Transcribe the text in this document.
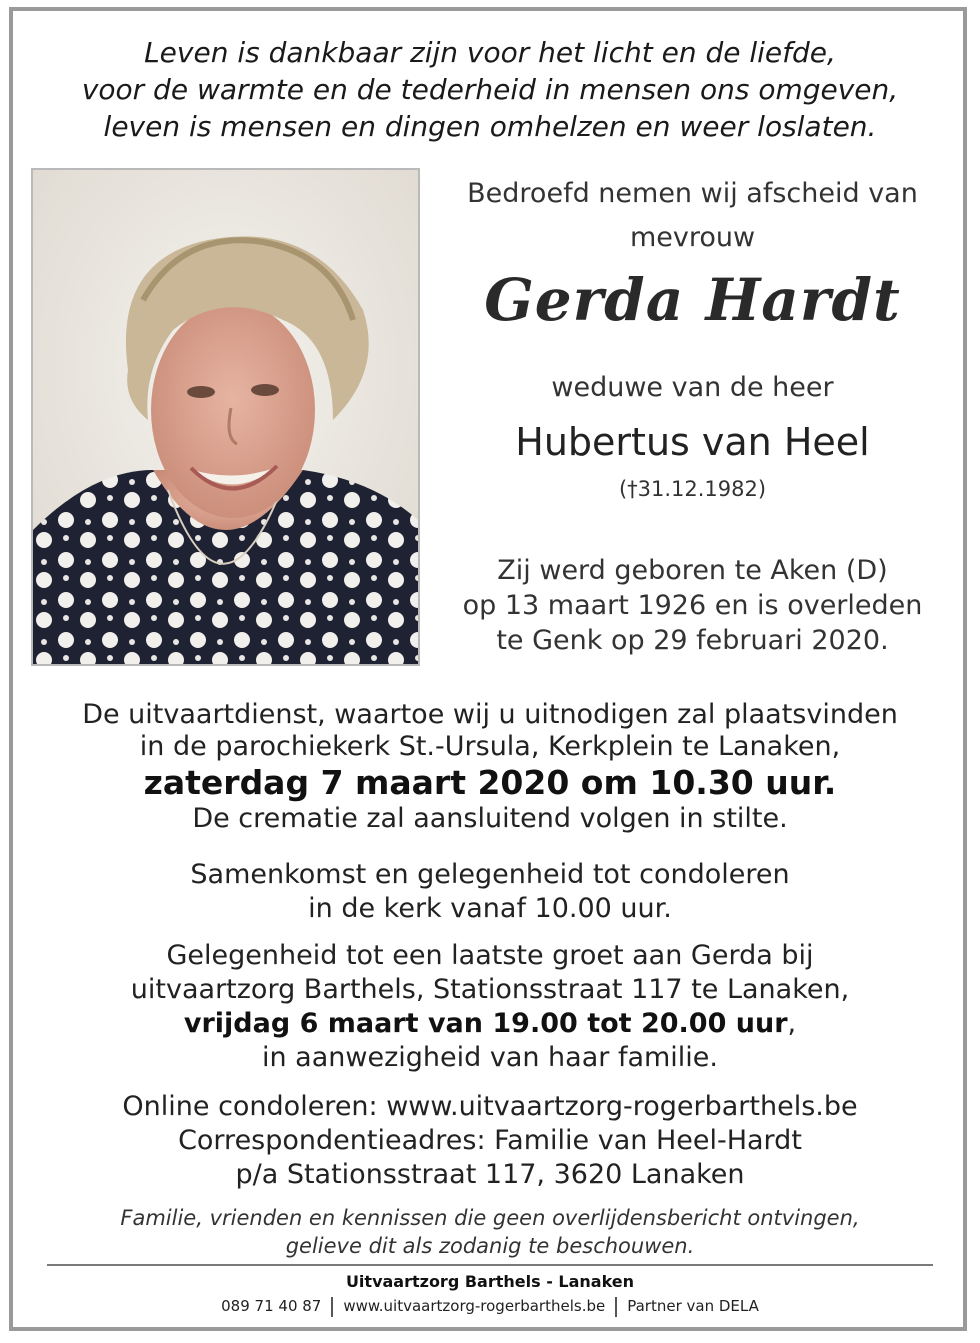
Leven is dankbaar zijn voor het licht en de liefde,
voor de warmte en de tederheid in mensen ons omgeven,
leven is mensen en dingen omhelzen en weer loslaten.
Bedroefd nemen wij afscheid van
mevrouw
Gerda Hardt
weduwe van de heer
Hubertus van Heel
(†31.12.1982)
Zij werd geboren te Aken (D)
op 13 maart 1926 en is overleden
te Genk op 29 februari 2020.
De uitvaartdienst, waartoe wij u uitnodigen zal plaatsvinden
in de parochiekerk St.-Ursula, Kerkplein te Lanaken,
zaterdag 7 maart 2020 om 10.30 uur.
De crematie zal aansluitend volgen in stilte.
Samenkomst en gelegenheid tot condoleren
in de kerk vanaf 10.00 uur.
Gelegenheid tot een laatste groet aan Gerda bij
uitvaartzorg Barthels, Stationsstraat 117 te Lanaken,
vrijdag 6 maart van 19.00 tot 20.00 uur,
in aanwezigheid van haar familie.
Online condoleren: www.uitvaartzorg-rogerbarthels.be
Correspondentieadres: Familie van Heel-Hardt
p/a Stationsstraat 117, 3620 Lanaken
Familie, vrienden en kennissen die geen overlijdensbericht ontvingen,
gelieve dit als zodanig te beschouwen.
Uitvaartzorg Barthels - Lanaken
089 71 40 87 www.uitvaartzorg-rogerbarthels.be Partner van DELA
